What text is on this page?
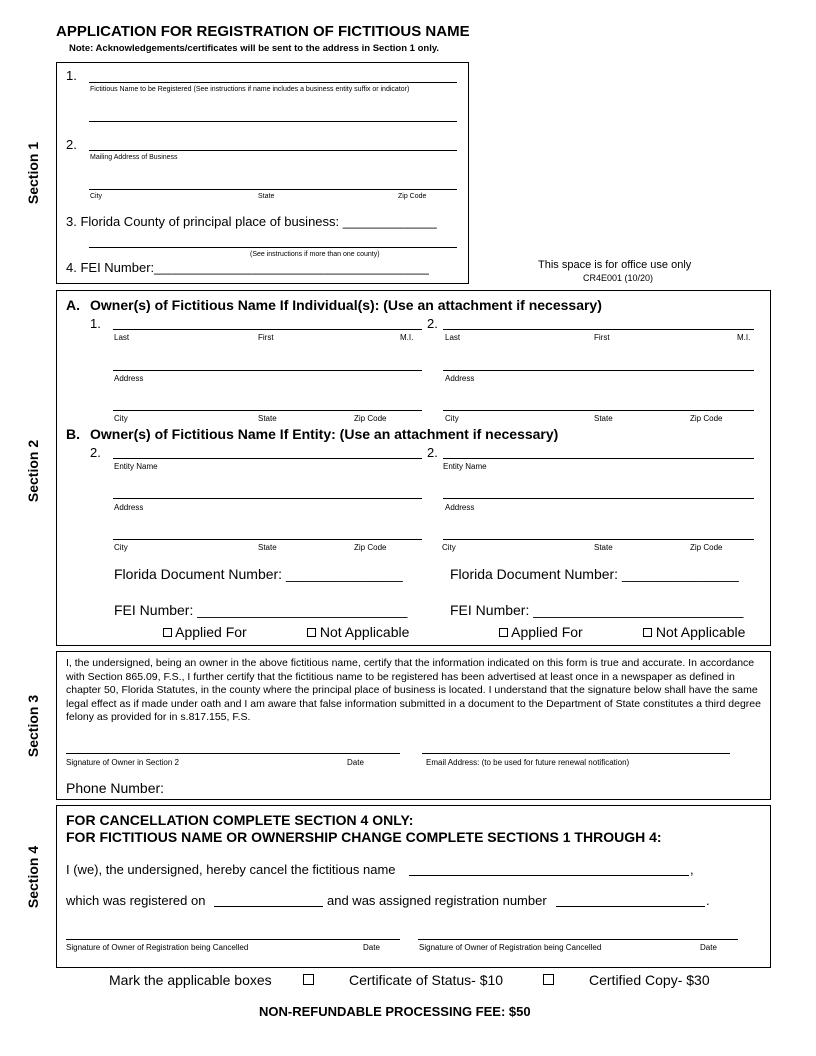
APPLICATION FOR REGISTRATION OF FICTITIOUS NAME
Note: Acknowledgements/certificates will be sent to the address in Section 1 only.
Section 1
Section 2
Section 3
Section 4
1.
Fictitious Name to be Registered (See instructions if name includes a business entity suffix or indicator)
2.
Mailing Address of Business
City	State	Zip Code
3. Florida County of principal place of business: _____________
(See instructions if more than one county)
4. FEI Number:______________________________________	This space is for office use only
CR4E001 (10/20)
A. Owner(s) of Fictitious Name If Individual(s): (Use an attachment if necessary)
1.	2.
Last	First	M.I.	Last	First	M.I.
Address	Address
City	State	Zip Code	City	State	Zip Code
B. Owner(s) of Fictitious Name If Entity: (Use an attachment if necessary)
2.	2.
Entity Name	Entity Name
Address	Address
City	State	Zip Code	City	State	Zip Code
Florida Document Number: _______________	Florida Document Number: _______________
FEI Number: ___________________________	FEI Number: ___________________________
Applied For	Not Applicable	Applied For	Not Applicable
I, the undersigned, being an owner in the above fictitious name, certify that the information indicated on this form is true and accurate. In accordance with Section 865.09, F.S., I further certify that the fictitious name to be registered has been advertised at least once in a newspaper as defined in chapter 50, Florida Statutes, in the county where the principal place of business is located. I understand that the signature below shall have the same legal effect as if made under oath and I am aware that false information submitted in a document to the Department of State constitutes a third degree felony as provided for in s.817.155, F.S.
Signature of Owner in Section 2	Date	Email Address: (to be used for future renewal notification)
Phone Number:
FOR CANCELLATION COMPLETE SECTION 4 ONLY:
FOR FICTITIOUS NAME OR OWNERSHIP CHANGE COMPLETE SECTIONS 1 THROUGH 4:
I (we), the undersigned, hereby cancel the fictitious name	,
which was registered on	and was assigned registration number	.
Signature of Owner of Registration being Cancelled	Date	Signature of Owner of Registration being Cancelled	Date
Mark the applicable boxes	Certificate of Status- $10	Certified Copy- $30
NON-REFUNDABLE PROCESSING FEE: $50
